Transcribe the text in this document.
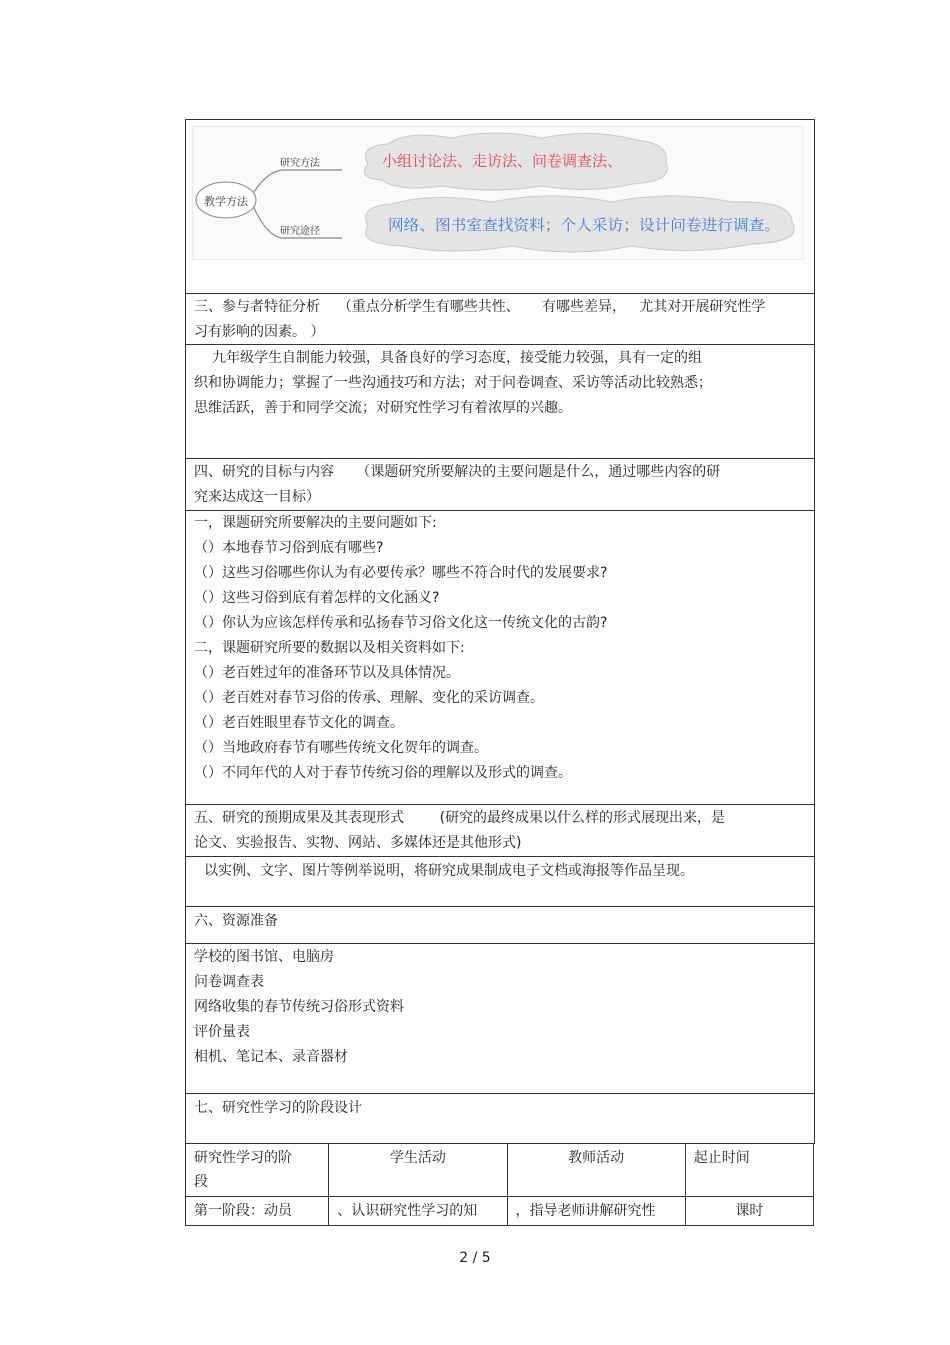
教学方法
研究方法
研究途径
小组讨论法、走访法、问卷调查法、
网络、图书室查找资料；个人采访；设计问卷进行调查。

三、参与者特征分析    （重点分析学生有哪些共性、     有哪些差异，   尤其对开展研究性学

习有影响的因素。 ）

九年级学生自制能力较强，具备良好的学习态度，接受能力较强，具有一定的组

织和协调能力；掌握了一些沟通技巧和方法；对于问卷调查、采访等活动比较熟悉；

思维活跃，善于和同学交流；对研究性学习有着浓厚的兴趣。

四、研究的目标与内容     （课题研究所要解决的主要问题是什么，通过哪些内容的研

究来达成这一目标）

一，课题研究所要解决的主要问题如下:

（）本地春节习俗到底有哪些?

（）这些习俗哪些你认为有必要传承？哪些不符合时代的发展要求?

（）这些习俗到底有着怎样的文化涵义?

（）你认为应该怎样传承和弘扬春节习俗文化这一传统文化的古韵?

二，课题研究所要的数据以及相关资料如下:

（）老百姓过年的准备环节以及具体情况。

（）老百姓对春节习俗的传承、理解、变化的采访调查。

（）老百姓眼里春节文化的调查。

（）当地政府春节有哪些传统文化贺年的调查。

（）不同年代的人对于春节传统习俗的理解以及形式的调查。

五、研究的预期成果及其表现形式        (研究的最终成果以什么样的形式展现出来，是

论文、实验报告、实物、网站、多媒体还是其他形式)

以实例、文字、图片等例举说明，将研究成果制成电子文档或海报等作品呈现。

六、资源准备

学校的图书馆、电脑房

问卷调查表

网络收集的春节传统习俗形式资料

评价量表

相机、笔记本、录音器材

七、研究性学习的阶段设计

研究性学习的阶
段	学生活动	教师活动	起止时间
第一阶段：动员	、认识研究性学习的知	，指导老师讲解研究性	课时
2 / 5
